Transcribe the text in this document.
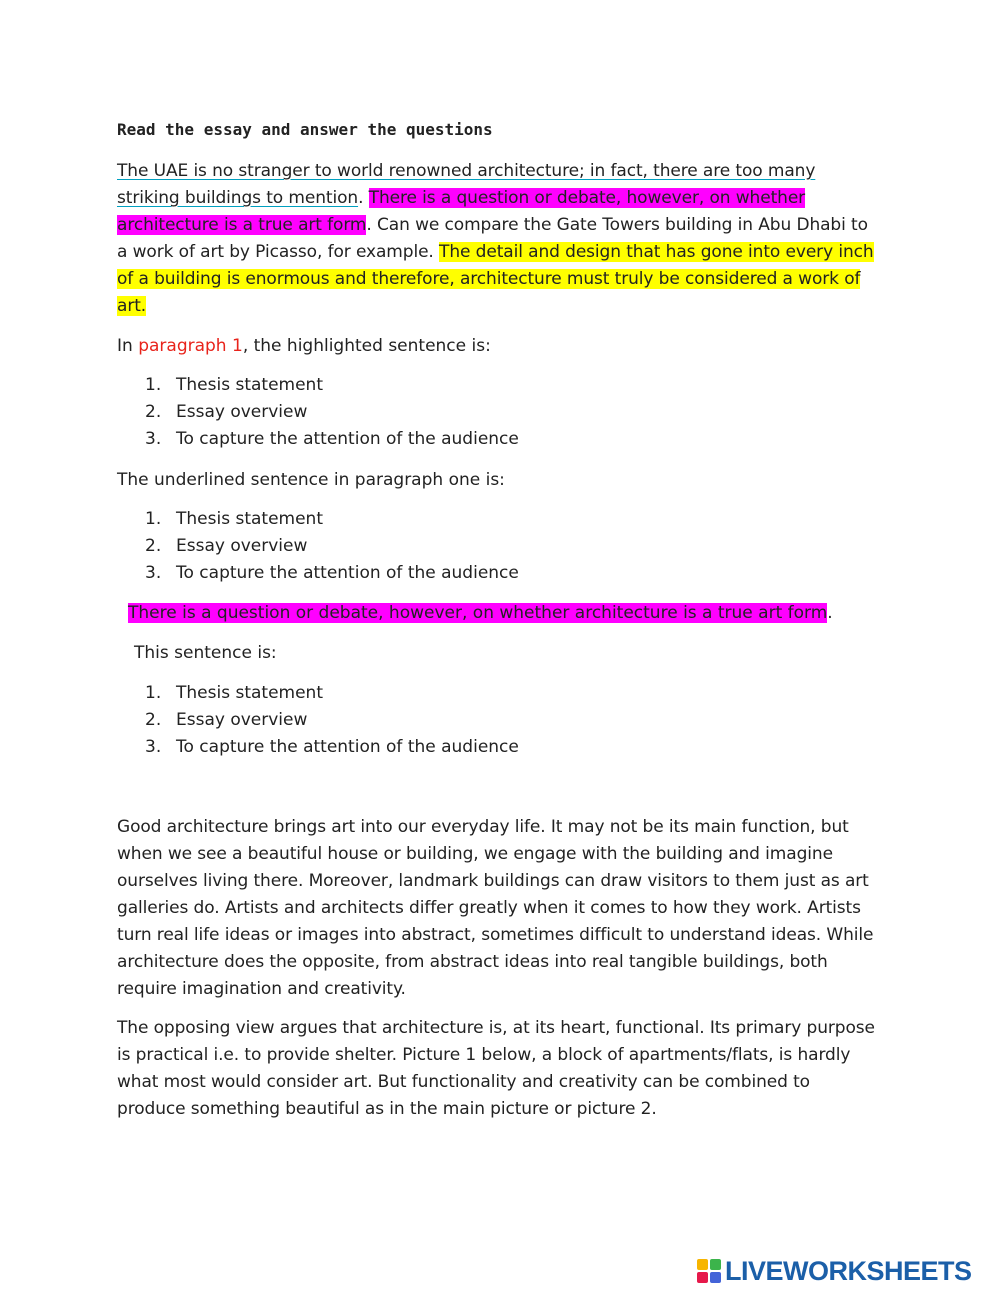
Read the essay and answer the questions
The UAE is no stranger to world renowned architecture; in fact, there are too many striking buildings to mention. There is a question or debate, however, on whether architecture is a true art form. Can we compare the Gate Towers building in Abu Dhabi to a work of art by Picasso, for example. The detail and design that has gone into every inch of a building is enormous and therefore, architecture must truly be considered a work of art.
In paragraph 1, the highlighted sentence is:
1. Thesis statement
2. Essay overview
3. To capture the attention of the audience
The underlined sentence in paragraph one is:
1. Thesis statement
2. Essay overview
3. To capture the attention of the audience
There is a question or debate, however, on whether architecture is a true art form.
This sentence is:
1. Thesis statement
2. Essay overview
3. To capture the attention of the audience
Good architecture brings art into our everyday life. It may not be its main function, but when we see a beautiful house or building, we engage with the building and imagine ourselves living there. Moreover, landmark buildings can draw visitors to them just as art galleries do. Artists and architects differ greatly when it comes to how they work. Artists turn real life ideas or images into abstract, sometimes difficult to understand ideas. While architecture does the opposite, from abstract ideas into real tangible buildings, both require imagination and creativity.
The opposing view argues that architecture is, at its heart, functional. Its primary purpose is practical i.e. to provide shelter. Picture 1 below, a block of apartments/flats, is hardly what most would consider art. But functionality and creativity can be combined to produce something beautiful as in the main picture or picture 2.
LIVEWORKSHEETS
